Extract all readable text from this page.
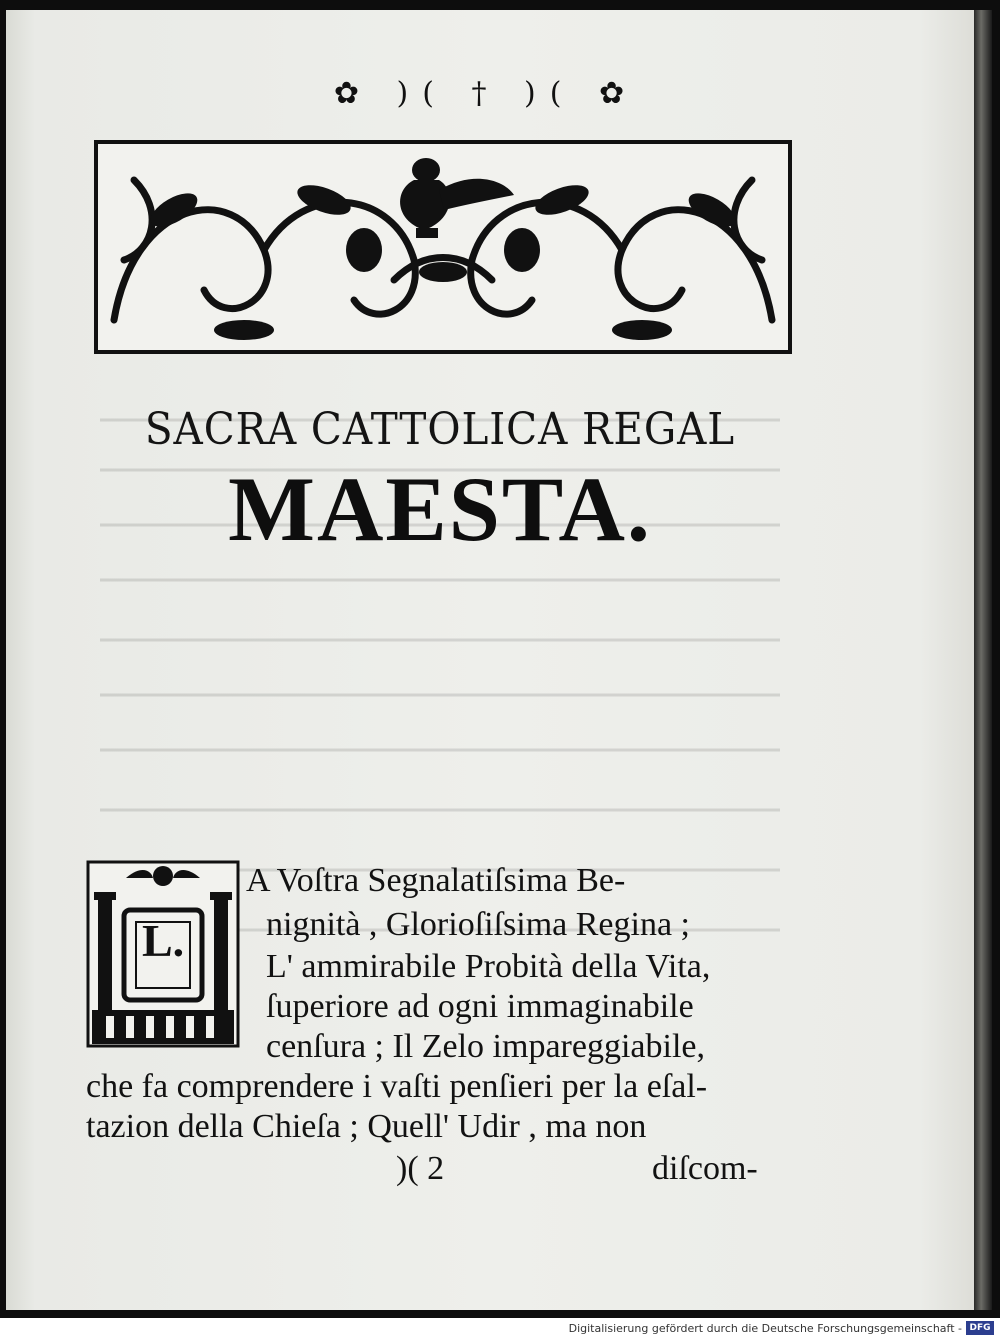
✿ )( † )( ✿
SACRA CATTOLICA REGAL
MAESTA.
L.
A Voſtra Segnalatiſsima Be-
nignità , Glorioſiſsima Regina ;
L' ammirabile Probità della Vita,
ſuperiore ad ogni immaginabile
cenſura ; Il Zelo impareggiabile,
che fa comprendere i vaſti penſieri per la eſal-
tazion della Chieſa ; Quell' Udir , ma non
)( 2	diſcom-
Digitalisierung gefördert durch die Deutsche Forschungsgemeinschaft - DFG
